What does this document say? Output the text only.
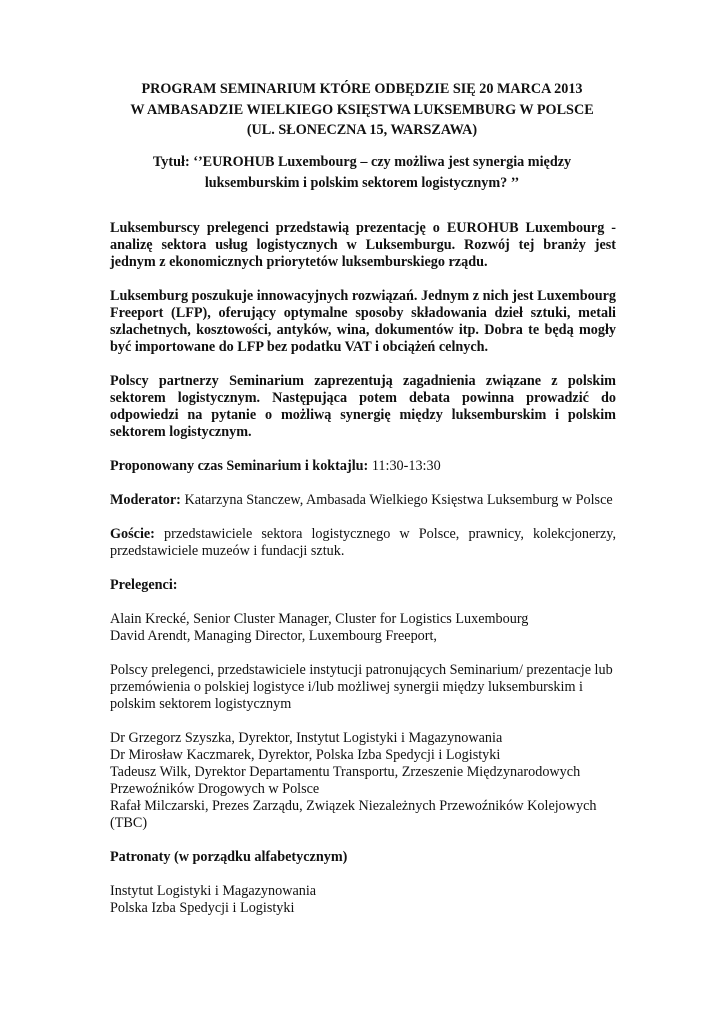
PROGRAM SEMINARIUM KTÓRE ODBĘDZIE SIĘ 20 MARCA 2013
W AMBASADZIE WIELKIEGO KSIĘSTWA LUKSEMBURG W POLSCE
(UL. SŁONECZNA 15, WARSZAWA)
Tytuł: ‘’EUROHUB Luxembourg – czy możliwa jest synergia między
luksemburskim i polskim sektorem logistycznym? ’’

Luksemburscy prelegenci przedstawią prezentację o EUROHUB Luxembourg - analizę sektora usług logistycznych w Luksemburgu. Rozwój tej branży jest jednym z ekonomicznych priorytetów luksemburskiego rządu.

Luksemburg poszukuje innowacyjnych rozwiązań. Jednym z nich jest Luxembourg Freeport (LFP), oferujący optymalne sposoby składowania dzieł sztuki, metali szlachetnych, kosztowości, antyków, wina, dokumentów itp. Dobra te będą mogły być importowane do LFP bez podatku VAT i obciążeń celnych.

Polscy partnerzy Seminarium zaprezentują zagadnienia związane z polskim sektorem logistycznym. Następująca potem debata powinna prowadzić do odpowiedzi na pytanie o możliwą synergię między luksemburskim i polskim sektorem logistycznym.

Proponowany czas Seminarium i koktajlu: 11:30-13:30

Moderator: Katarzyna Stanczew, Ambasada Wielkiego Księstwa Luksemburg w Polsce

Goście: przedstawiciele sektora logistycznego w Polsce, prawnicy, kolekcjonerzy, przedstawiciele muzeów i fundacji sztuk.

Prelegenci:

Alain Krecké, Senior Cluster Manager, Cluster for Logistics Luxembourg
David Arendt, Managing Director, Luxembourg Freeport,

Polscy prelegenci, przedstawiciele instytucji patronujących Seminarium/ prezentacje lub przemówienia o polskiej logistyce i/lub możliwej synergii między luksemburskim i polskim sektorem logistycznym

Dr Grzegorz Szyszka, Dyrektor, Instytut Logistyki i Magazynowania
Dr Mirosław Kaczmarek, Dyrektor, Polska Izba Spedycji i Logistyki
Tadeusz Wilk, Dyrektor Departamentu Transportu, Zrzeszenie Międzynarodowych Przewoźników Drogowych w Polsce
Rafał Milczarski, Prezes Zarządu, Związek Niezależnych Przewoźników Kolejowych (TBC)

Patronaty (w porządku alfabetycznym)

Instytut Logistyki i Magazynowania
Polska Izba Spedycji i Logistyki
